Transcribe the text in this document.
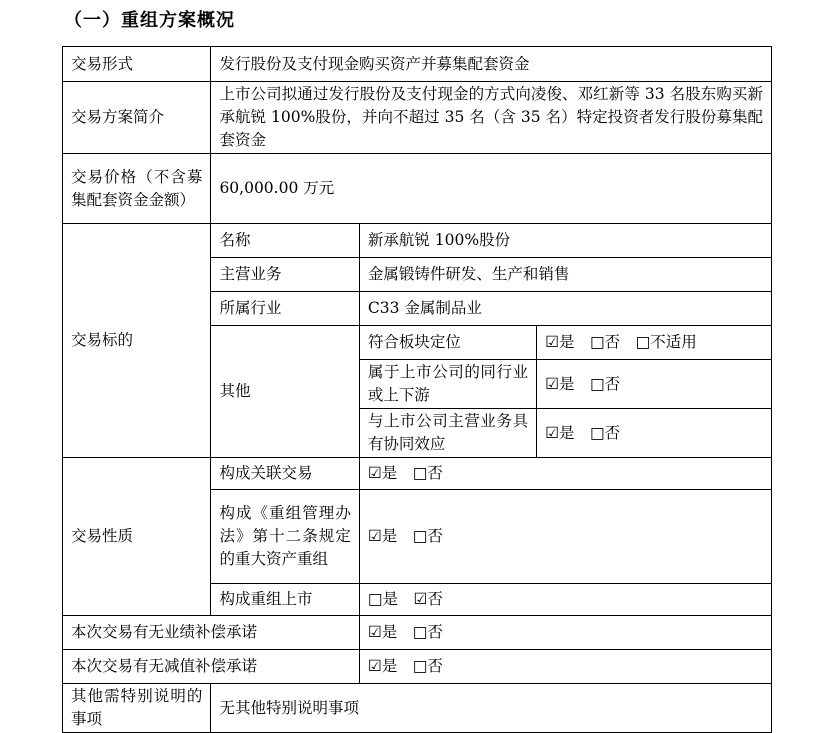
（一）重组方案概况
交易形式	发行股份及支付现金购买资产并募集配套资金		
交易方案简介	上市公司拟通过发行股份及支付现金的方式向凌俊、邓红新等 33 名股东购买新承航锐 100%股份，并向不超过 35 名（含 35 名）特定投资者发行股份募集配套资金		
交易价格（不含募集配套资金金额）	60,000.00 万元		
交易标的	名称	新承航锐 100%股份	
	主营业务	金属锻铸件研发、生产和销售	
	所属行业	C33 金属制品业	
	其他	符合板块定位	☑是　□否　□不适用
		属于上市公司的同行业或上下游	☑是　□否
		与上市公司主营业务具有协同效应	☑是　□否
交易性质	构成关联交易	☑是　□否	
	构成《重组管理办法》第十二条规定的重大资产重组	☑是　□否	
	构成重组上市	□是　☑否	
本次交易有无业绩补偿承诺		☑是　□否	
本次交易有无减值补偿承诺		☑是　□否	
其他需特别说明的事项	无其他特别说明事项		
